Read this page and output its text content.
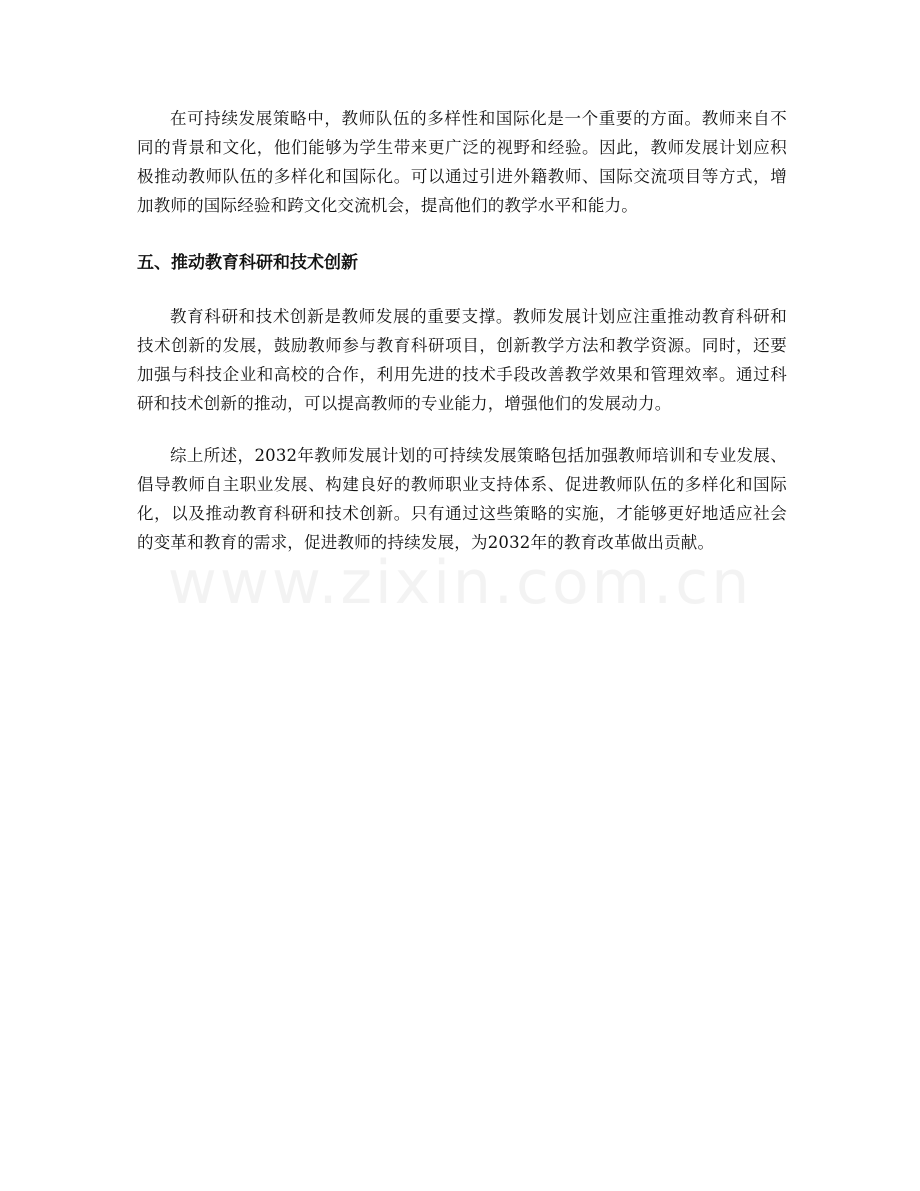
www.zixin.com.cn

在可持续发展策略中，教师队伍的多样性和国际化是一个重要的方面。教师来自不同的背景和文化，他们能够为学生带来更广泛的视野和经验。因此，教师发展计划应积极推动教师队伍的多样化和国际化。可以通过引进外籍教师、国际交流项目等方式，增加教师的国际经验和跨文化交流机会，提高他们的教学水平和能力。

五、推动教育科研和技术创新

教育科研和技术创新是教师发展的重要支撑。教师发展计划应注重推动教育科研和技术创新的发展，鼓励教师参与教育科研项目，创新教学方法和教学资源。同时，还要加强与科技企业和高校的合作，利用先进的技术手段改善教学效果和管理效率。通过科研和技术创新的推动，可以提高教师的专业能力，增强他们的发展动力。

综上所述，2032年教师发展计划的可持续发展策略包括加强教师培训和专业发展、倡导教师自主职业发展、构建良好的教师职业支持体系、促进教师队伍的多样化和国际化，以及推动教育科研和技术创新。只有通过这些策略的实施，才能够更好地适应社会的变革和教育的需求，促进教师的持续发展，为2032年的教育改革做出贡献。
